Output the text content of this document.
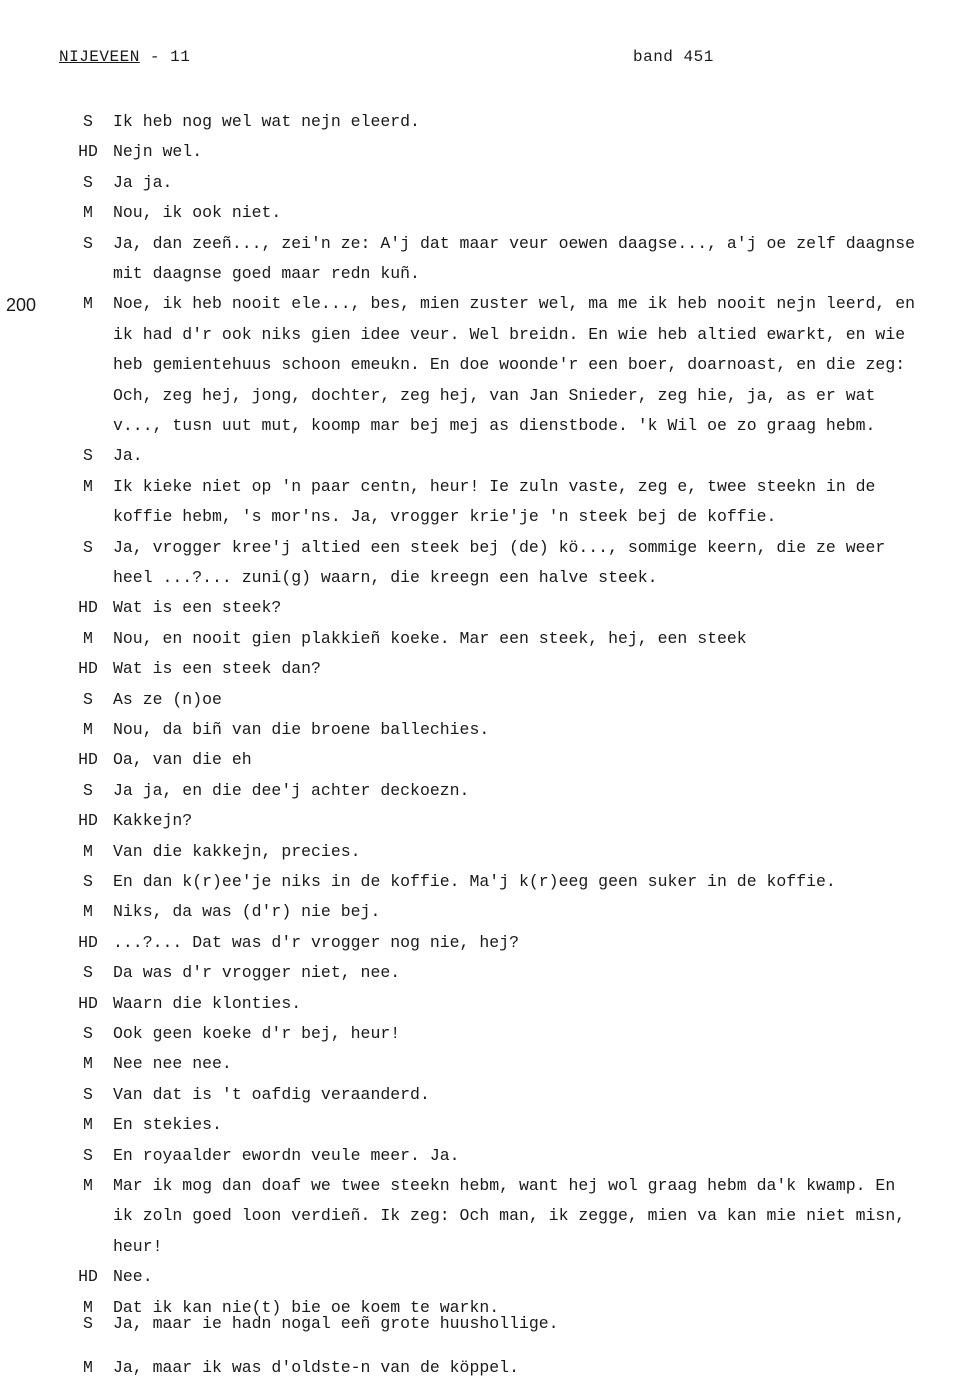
NIJEVEEN - 11	band 451
200
S	Ik heb nog wel wat nejn eleerd.
HD Nejn wel.
S	Ja ja.
M	Nou, ik ook niet.
S	Ja, dan zeeñ..., zei'n ze: A'j dat maar veur oewen daagse..., a'j oe zelf daagnse
mit daagnse goed maar redn kuñ.
M	Noe, ik heb nooit ele..., bes, mien zuster wel, ma me ik heb nooit nejn leerd, en
ik had d'r ook niks gien idee veur. Wel breidn. En wie heb altied ewarkt, en wie
heb gemientehuus schoon emeukn. En doe woonde'r een boer, doarnoast, en die zeg:
Och, zeg hej, jong, dochter, zeg hej, van Jan Snieder, zeg hie, ja, as er wat
v..., tusn uut mut, koomp mar bej mej as dienstbode. 'k Wil oe zo graag hebm.
S	Ja.
M	Ik kieke niet op 'n paar centn, heur! Ie zuln vaste, zeg e, twee steekn in de
koffie hebm, 's mor'ns. Ja, vrogger krie'je 'n steek bej de koffie.
S	Ja, vrogger kree'j altied een steek bej (de) kö..., sommige keern, die ze weer
heel ...?... zuni(g) waarn, die kreegn een halve steek.
HD Wat is een steek?
M	Nou, en nooit gien plakkieñ koeke. Mar een steek, hej, een steek
HD Wat is een steek dan?
S	As ze (n)oe
M	Nou, da biñ van die broene ballechies.
HD Oa, van die eh
S	Ja ja, en die dee'j achter deckoezn.
HD Kakkejn?
M	Van die kakkejn, precies.
S	En dan k(r)ee'je niks in de koffie. Ma'j k(r)eeg geen suker in de koffie.
M	Niks, da was (d'r) nie bej.
HD ...?... Dat was d'r vrogger nog nie, hej?
S	Da was d'r vrogger niet, nee.
HD Waarn die klonties.
S	Ook geen koeke d'r bej, heur!
M	Nee nee nee.
S	Van dat is 't oafdig veraanderd.
M	En stekies.
S	En royaalder ewordn veule meer. Ja.
M	Mar ik mog dan doaf we twee steekn hebm, want hej wol graag hebm da'k kwamp. En
ik zoln goed loon verdieñ. Ik zeg: Och man, ik zegge, mien va kan mie niet misn,
heur!
HD Nee.
M	Dat ik kan nie(t) bie oe koem te warkn.
S	Ja, maar ie hadn nogal eeñ grote huushollige.
M	Ja, maar ik was d'oldste-n van de köppel.
